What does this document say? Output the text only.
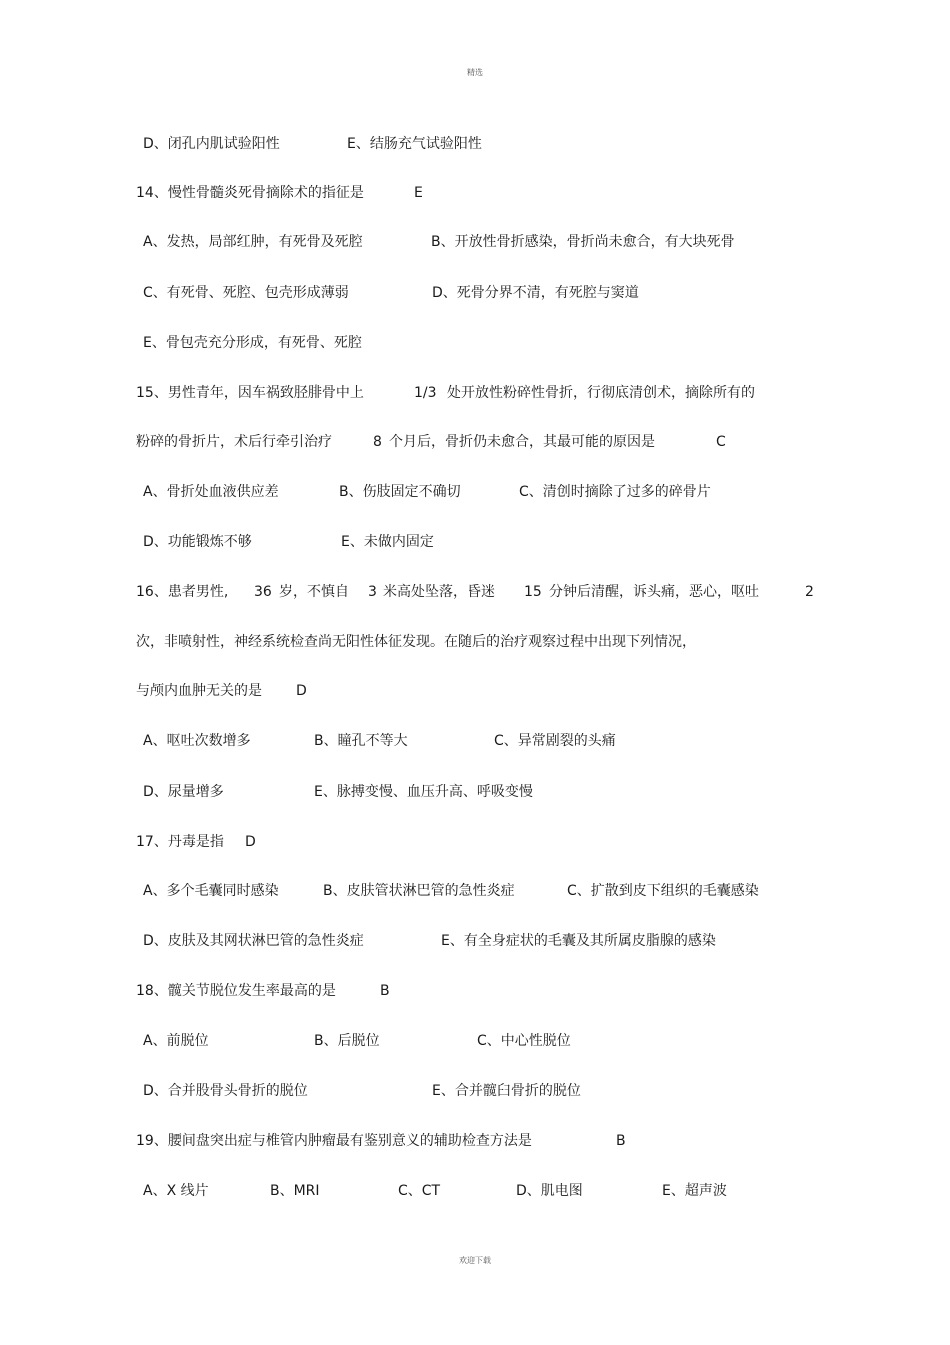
精选
D、闭孔内肌试验阳性	E、结肠充气试验阳性
14、慢性骨髓炎死骨摘除术的指征是	E
A、发热，局部红肿，有死骨及死腔	B、开放性骨折感染，骨折尚未愈合，有大块死骨
C、有死骨、死腔、包壳形成薄弱	D、死骨分界不清，有死腔与窦道
E、骨包壳充分形成，有死骨、死腔
15、男性青年，因车祸致胫腓骨中上	1/3 处开放性粉碎性骨折，行彻底清创术，摘除所有的
粉碎的骨折片，术后行牵引治疗	8 个月后，骨折仍未愈合，其最可能的原因是	C
A、骨折处血液供应差	B、伤肢固定不确切	C、清创时摘除了过多的碎骨片
D、功能锻炼不够	E、未做内固定
16、患者男性, 36 岁，不慎自 3 米高处坠落，昏迷 15 分钟后清醒，诉头痛，恶心，呕吐	2
次，非喷射性，神经系统检查尚无阳性体征发现。在随后的治疗观察过程中出现下列情况，
与颅内血肿无关的是 D
A、呕吐次数增多	B、瞳孔不等大	C、异常剧裂的头痛
D、尿量增多	E、脉搏变慢、血压升高、呼吸变慢
17、丹毒是指 D
A、多个毛囊同时感染	B、皮肤管状淋巴管的急性炎症	C、扩散到皮下组织的毛囊感染
D、皮肤及其网状淋巴管的急性炎症	E、有全身症状的毛囊及其所属皮脂腺的感染
18、髋关节脱位发生率最高的是	B
A、前脱位	B、后脱位	C、中心性脱位
D、合并股骨头骨折的脱位	E、合并髋臼骨折的脱位
19、腰间盘突出症与椎管内肿瘤最有鉴别意义的辅助检查方法是	B
A、X 线片	B、MRI	C、CT	D、肌电图	E、超声波
欢迎下载
